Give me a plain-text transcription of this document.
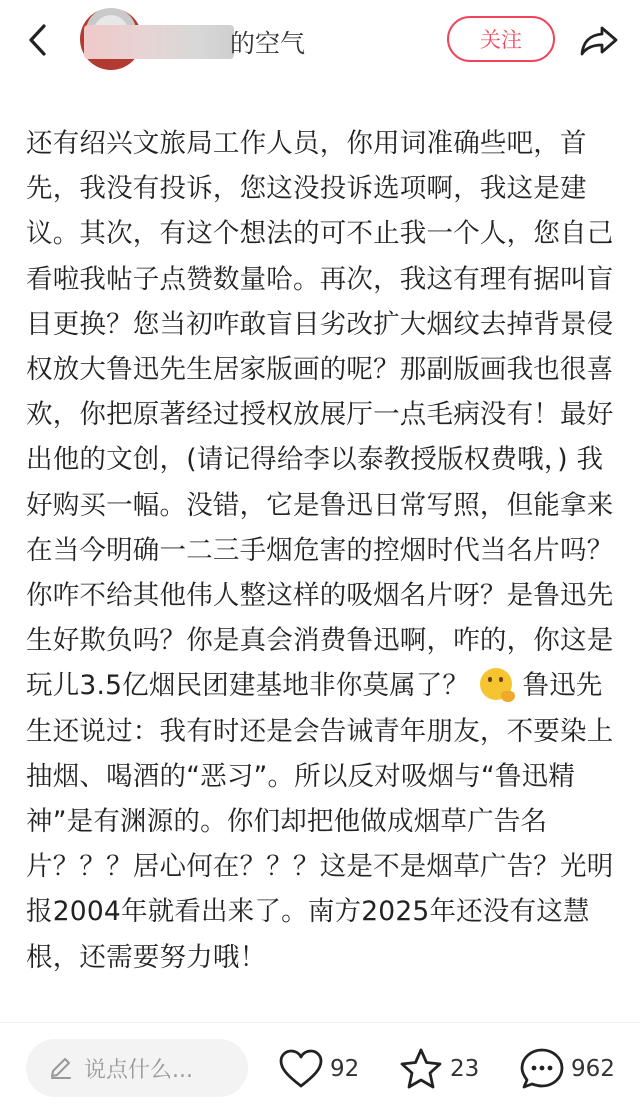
的空气	关注
还有绍兴文旅局工作人员，你用词准确些吧，首先，我没有投诉，您这没投诉选项啊，我这是建议。其次，有这个想法的可不止我一个人，您自己看啦我帖子点赞数量哈。再次，我这有理有据叫盲目更换？您当初咋敢盲目劣改扩大烟纹去掉背景侵权放大鲁迅先生居家版画的呢？那副版画我也很喜欢，你把原著经过授权放展厅一点毛病没有！最好出他的文创，(请记得给李以泰教授版权费哦，) 我好购买一幅。没错，它是鲁迅日常写照，但能拿来在当今明确一二三手烟危害的控烟时代当名片吗？你咋不给其他伟人整这样的吸烟名片呀？是鲁迅先生好欺负吗？你是真会消费鲁迅啊，咋的，你这是玩儿3.5亿烟民团建基地非你莫属了？ 鲁迅先生还说过：我有时还是会告诫青年朋友，不要染上抽烟、喝酒的“恶习”。所以反对吸烟与“鲁迅精神”是有渊源的。你们却把他做成烟草广告名片？？？居心何在？？？这是不是烟草广告？光明报2004年就看出来了。南方2025年还没有这慧根，还需要努力哦！
说点什么...	92	23	962
